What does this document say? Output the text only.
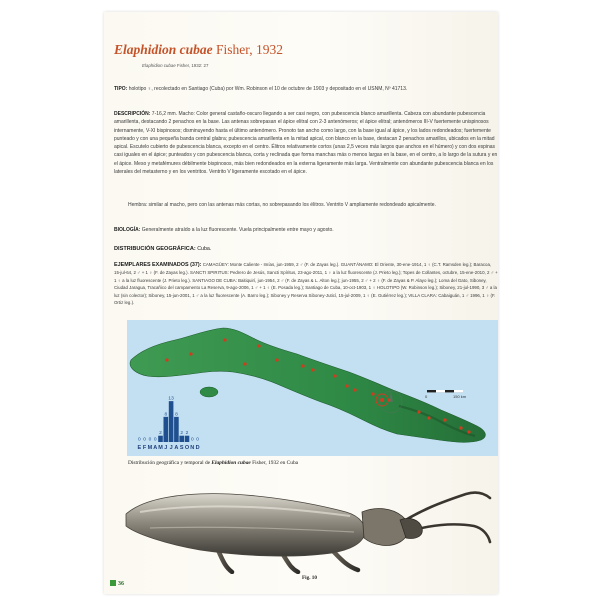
Elaphidion cubae Fisher, 1932
Elaphidion cubae Fisher, 1932: 27

TIPO: holotipo ♀, recolectado en Santiago (Cuba) por Wm. Robinson el 10 de octubre de 1903 y depositado en el USNM, Nº 41713.

DESCRIPCIÓN: 7-16,2 mm. Macho: Color general castaño-oscuro llegando a ser casi negro, con pubescencia blanco amarillenta. Cabeza con abundante pubescencia amarillenta, destacando 2 penachos en la base. Las antenas sobrepasan el ápice elitral con 2-3 antenómeros; el ápice elitral; antenómeros III-V fuertemente unispinosos internamente, V-XI bispinosos; disminuyendo hasta el último antenómero. Pronoto tan ancho como largo, con la base igual al ápice, y los lados redondeados; fuertemente punteado y con una pequeña banda central glabra; pubescencia amarillenta en la mitad apical, con blanco en la base, destacan 2 penachos amarillos, ubicados en la mitad apical. Escutelo cubierto de pubescencia blanca, excepto en el centro. Élitros relativamente cortos (unas 2,5 veces más largos que anchos en el húmero) y con dos espinas casi iguales en el ápice; punteados y con pubescencia blanca, corta y reclinada que forma manchas más o menos largas en la base, en el centro, a lo largo de la sutura y en el ápice. Meso y metafémures débilmente bispinosos, más bien redondeados en la externa ligeramente más larga. Ventralmente con abundante pubescencia blanca en los laterales del metasterno y en los ventritos. Ventrito V ligeramente escotado en el ápice.

Hembra: similar al macho, pero con las antenas más cortas, no sobrepasando los élitros. Ventrito V ampliamente redondeado apicalmente.

BIOLOGÍA: Generalmente atraído a la luz fluorescente. Vuela principalmente entre mayo y agosto.

DISTRIBUCIÓN GEOGRÁFICA: Cuba.

EJEMPLARES EXAMINADOS (37): CAMAGÜEY: Monte Caliente - Imías, jun-1959, 2 ♂ (F. de Zayas leg.). GUANTÁNAMO: El Oriente, 30-ene-1914, 1 ♀ (C.T. Ramsden leg.); Baracoa, 15-jul-64, 2 ♂ + 1 ♀ (F. de Zayas leg.). SANCTI SPIRITUS: Pedrero de Jesús, Sancti Spíritus, 23-ago-2011, 1 ♀ a la luz fluorescente (J. Prieto leg.); Topes de Collantes, octubre, 15-ene-2010, 2 ♂ + 1 ♀ a la luz fluorescente (J. Prieto leg.). SANTIAGO DE CUBA: Baitiquirí, jun-1954, 2 ♂ (F. de Zayas & L. Alton leg.); jun-1955, 2 ♂ + 2 ♀ (F. de Zayas & P. Alayo leg.); Loma del Gato, Siboney, Ciudad Jaragua, Tracañico del campamento La Reserva, 9-ago-2006, 1 ♂ + 1 ♀ (E. Posada leg.); Santiago de Cuba, 10-oct-1903, 1 ♀ HOLOTIPO (W. Robinson leg.); Siboney, 21-jul-1990, 3 ♂ a la luz (sin colector); Siboney, 15-jun-2001, 1 ♂ a la luz fluorescente (A. Barro leg.); Siboney y Reserva Siboney-Juticí, 15-jul-2009, 1 ♀ (E. Gutiérrez leg.); VILLA CLARA: Cabaiguán, 1 ♂ 1996, 1 ♀ (F. Ortiz leg.).

0	150 km
0 0 0 0
2
8
13
8
2 2
0 0
E F M A M J J A S O N D
Distribución geográfica y temporal de Elaphidion cubae Fisher, 1932 en Cuba
Fig. 10
36
